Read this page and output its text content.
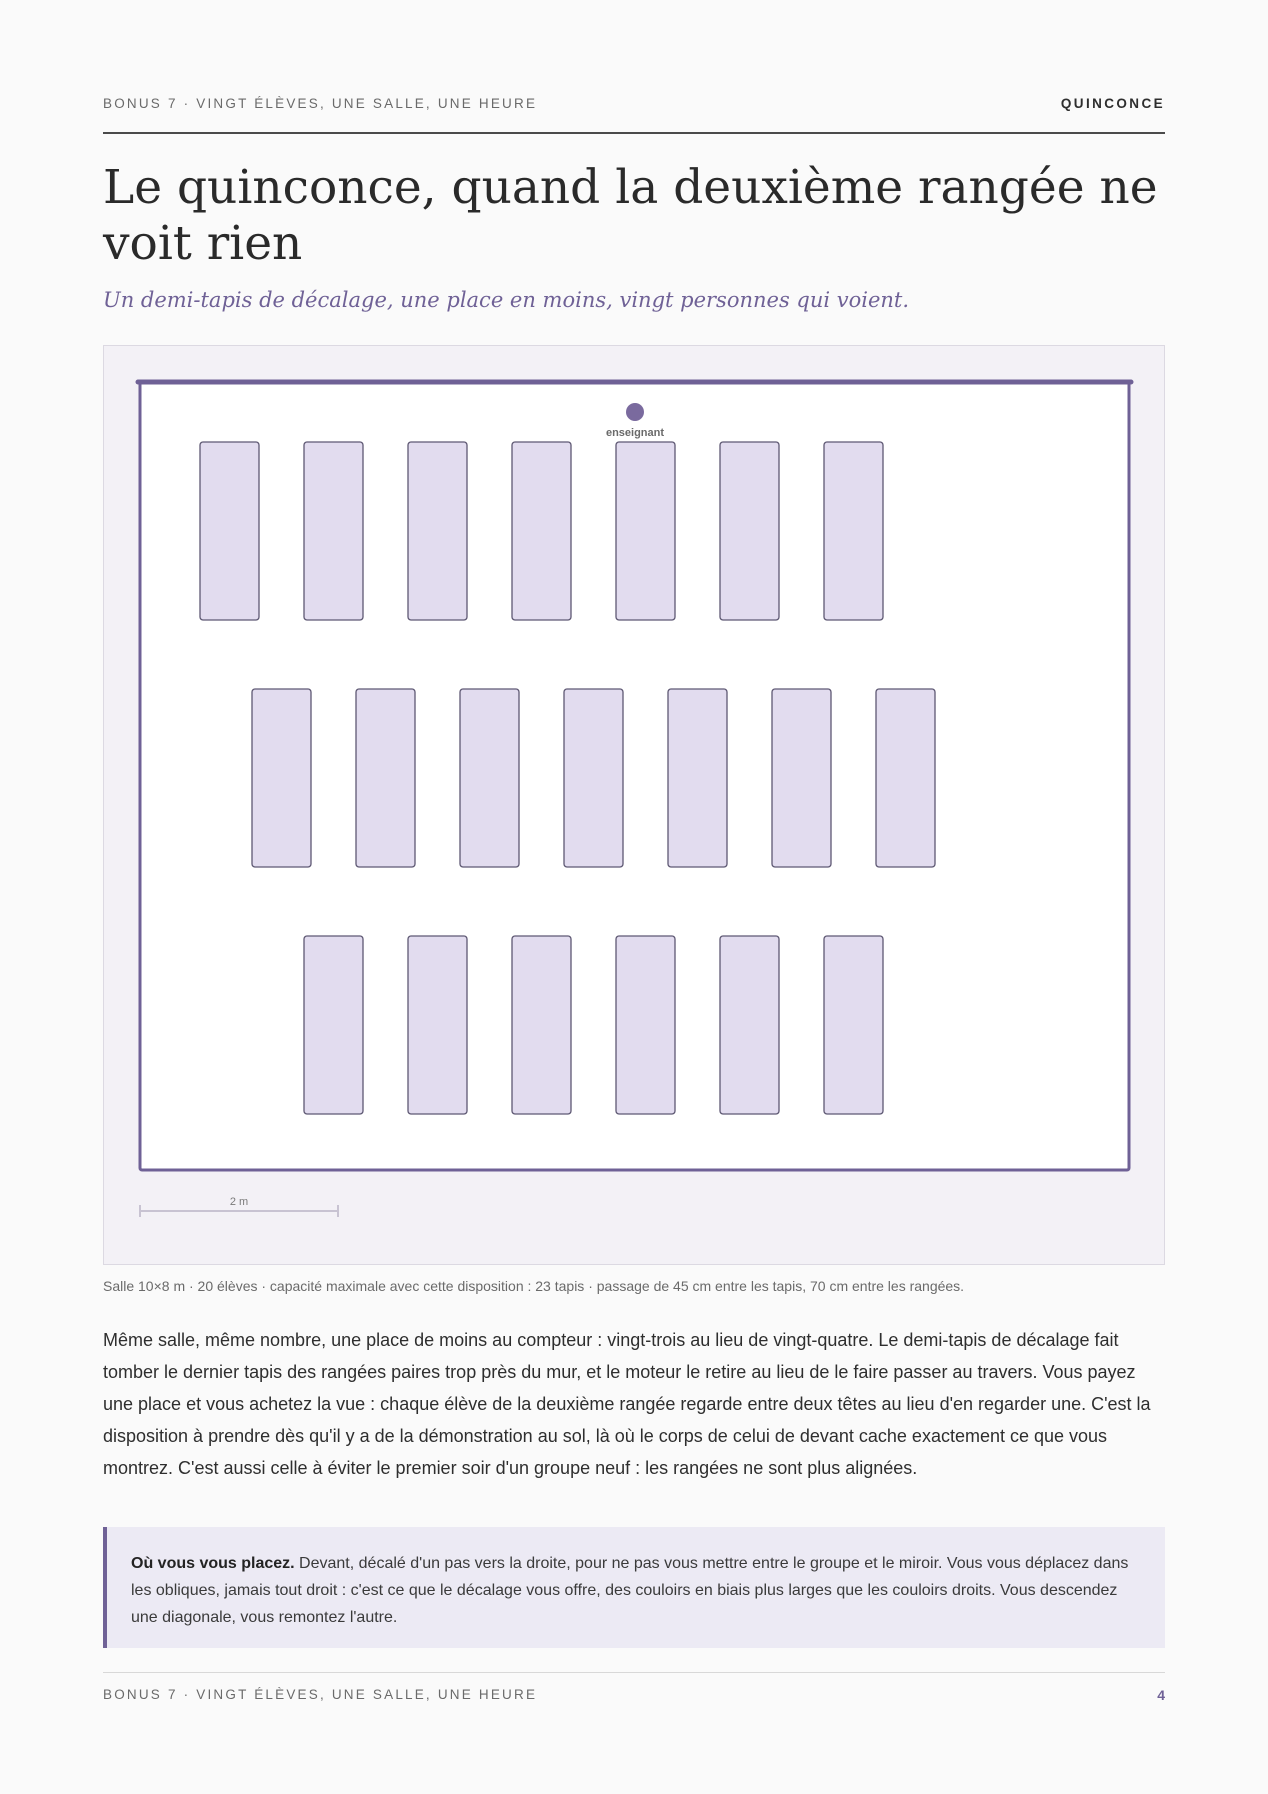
BONUS 7 · VINGT ÉLÈVES, UNE SALLE, UNE HEURE	QUINCONCE
Le quinconce, quand la deuxième rangée ne voit rien
Un demi-tapis de décalage, une place en moins, vingt personnes qui voient.
enseignant
2 m
Salle 10×8 m · 20 élèves · capacité maximale avec cette disposition : 23 tapis · passage de 45 cm entre les tapis, 70 cm entre les rangées.

Même salle, même nombre, une place de moins au compteur : vingt-trois au lieu de vingt-quatre. Le demi-tapis de décalage fait tomber le dernier tapis des rangées paires trop près du mur, et le moteur le retire au lieu de le faire passer au travers. Vous payez une place et vous achetez la vue : chaque élève de la deuxième rangée regarde entre deux têtes au lieu d'en regarder une. C'est la disposition à prendre dès qu'il y a de la démonstration au sol, là où le corps de celui de devant cache exactement ce que vous montrez. C'est aussi celle à éviter le premier soir d'un groupe neuf : les rangées ne sont plus alignées.

Où vous vous placez. Devant, décalé d'un pas vers la droite, pour ne pas vous mettre entre le groupe et le miroir. Vous vous déplacez dans les obliques, jamais tout droit : c'est ce que le décalage vous offre, des couloirs en biais plus larges que les couloirs droits. Vous descendez une diagonale, vous remontez l'autre.
BONUS 7 · VINGT ÉLÈVES, UNE SALLE, UNE HEURE	4
